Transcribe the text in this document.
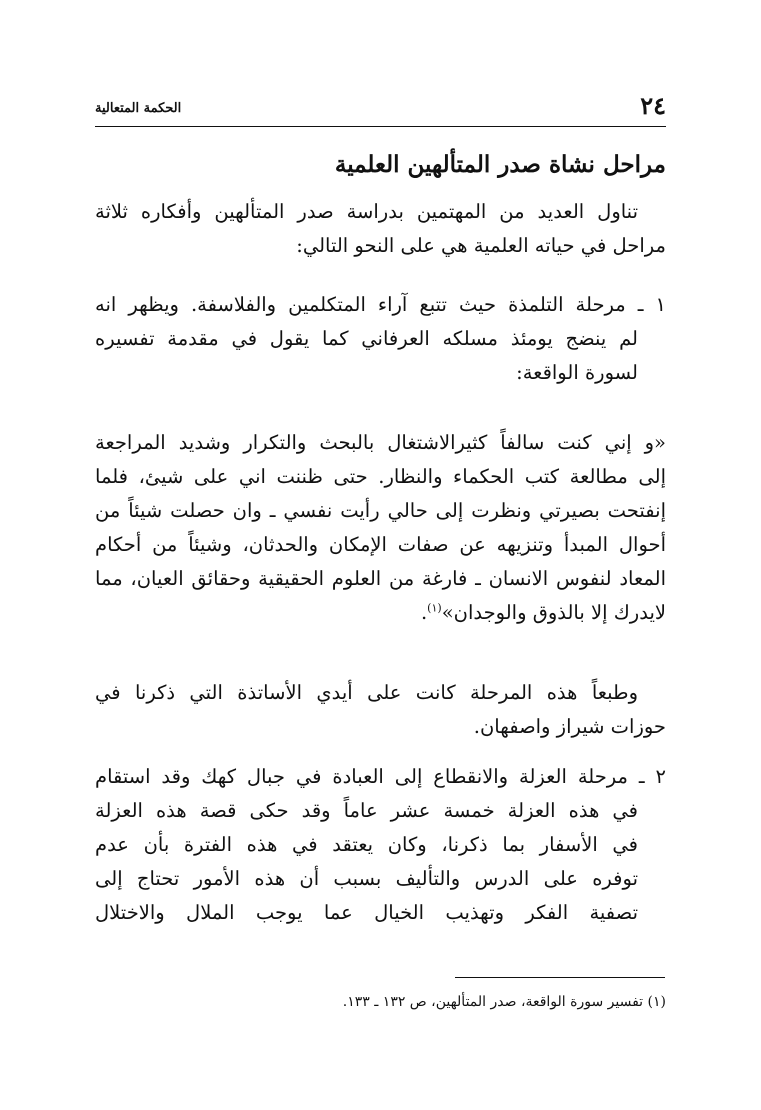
٢٤
الحكمة المتعالية
مراحل نشاة صدر المتألهين العلمية
تناول العديد من المهتمين بدراسة صدر المتألهين وأفكاره ثلاثة
مراحل في حياته العلمية هي على النحو التالي:
١ ـ مرحلة التلمذة حيث تتبع آراء المتكلمين والفلاسفة. ويظهر انه
لم ينضج يومئذ مسلكه العرفاني كما يقول في مقدمة تفسيره
لسورة الواقعة:
«و إني كنت سالفاً كثيرالاشتغال بالبحث والتكرار وشديد المراجعة
إلى مطالعة كتب الحكماء والنظار. حتى ظننت اني على شيئ، فلما
إنفتحت بصيرتي ونظرت إلى حالي رأيت نفسي ـ وان حصلت شيئاً من
أحوال المبدأ وتنزيهه عن صفات الإمكان والحدثان، وشيئاً من أحكام
المعاد لنفوس الانسان ـ فارغة من العلوم الحقيقية وحقائق العيان، مما
لايدرك إلا بالذوق والوجدان»$^{(١)}$.
وطبعاً هذه المرحلة كانت على أيدي الأساتذة التي ذكرنا في
حوزات شيراز واصفهان.
٢ ـ مرحلة العزلة والانقطاع إلى العبادة في جبال كهك وقد استقام
في هذه العزلة خمسة عشر عاماً وقد حكى قصة هذه العزلة
في الأسفار بما ذكرنا، وكان يعتقد في هذه الفترة بأن عدم
توفره على الدرس والتأليف بسبب أن هذه الأمور تحتاج إلى
تصفية الفكر وتهذيب الخيال عما يوجب الملال والاختلال
(١) تفسير سورة الواقعة، صدر المتألهين، ص ١٣٢ ـ ١٣٣.
